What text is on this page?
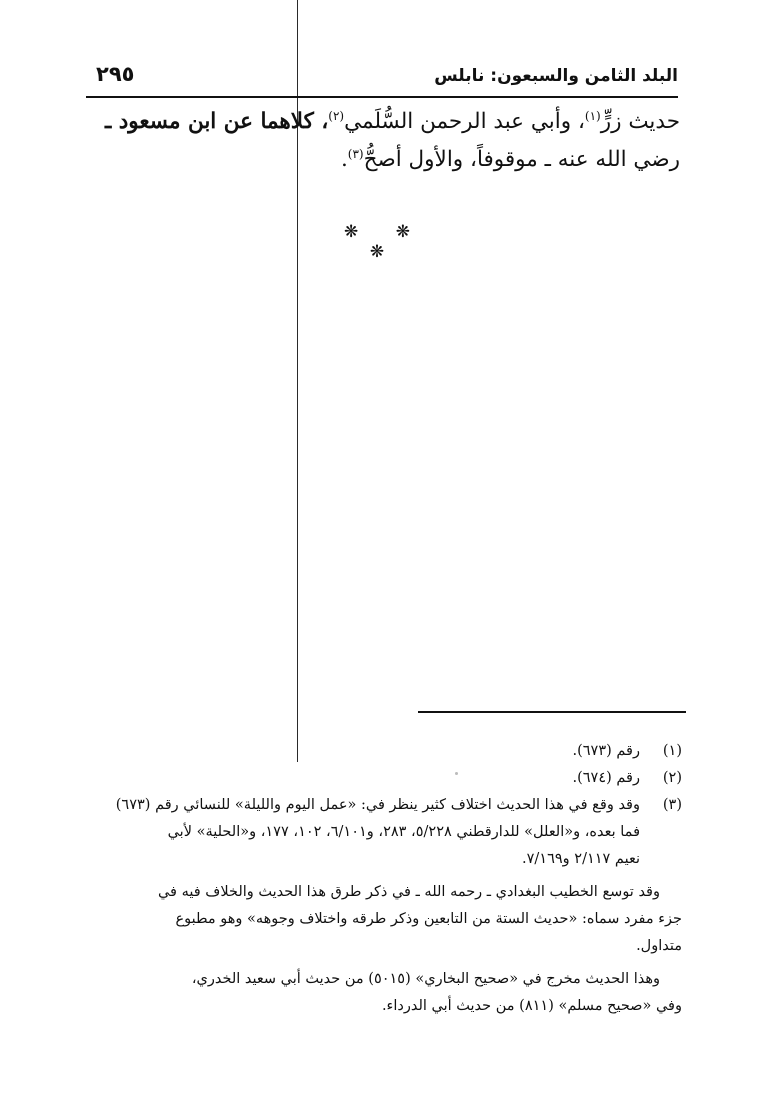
البلد الثامن والسبعون: نابلس
٢٩٥
حديث زرٍّ$^{(١)}$، وأبي عبد الرحمن السُّلَمي$^{(٢)}$، كلاهما عن ابن مسعود ـ
رضي الله عنه ـ موقوفاً، والأول أصحُّ$^{(٣)}$.
❋ ❋ ❋
(١)
رقم (٦٧٣).
(٢)
رقم (٦٧٤).
(٣)
وقد وقع في هذا الحديث اختلاف كثير ينظر في: «عمل اليوم والليلة» للنسائي رقم (٦٧٣)
فما بعده، و«العلل» للدارقطني ٥/٢٢٨، ٢٨٣، و٦/١٠١، ١٠٢، ١٧٧، و«الحلية» لأبي
نعيم ٢/١١٧ و٧/١٦٩.
وقد توسع الخطيب البغدادي ـ رحمه الله ـ في ذكر طرق هذا الحديث والخلاف فيه في
جزء مفرد سماه: «حديث الستة من التابعين وذكر طرقه واختلاف وجوهه» وهو مطبوع
متداول.
وهذا الحديث مخرج في «صحيح البخاري» (٥٠١٥) من حديث أبي سعيد الخدري،
وفي «صحيح مسلم» (٨١١) من حديث أبي الدرداء.
